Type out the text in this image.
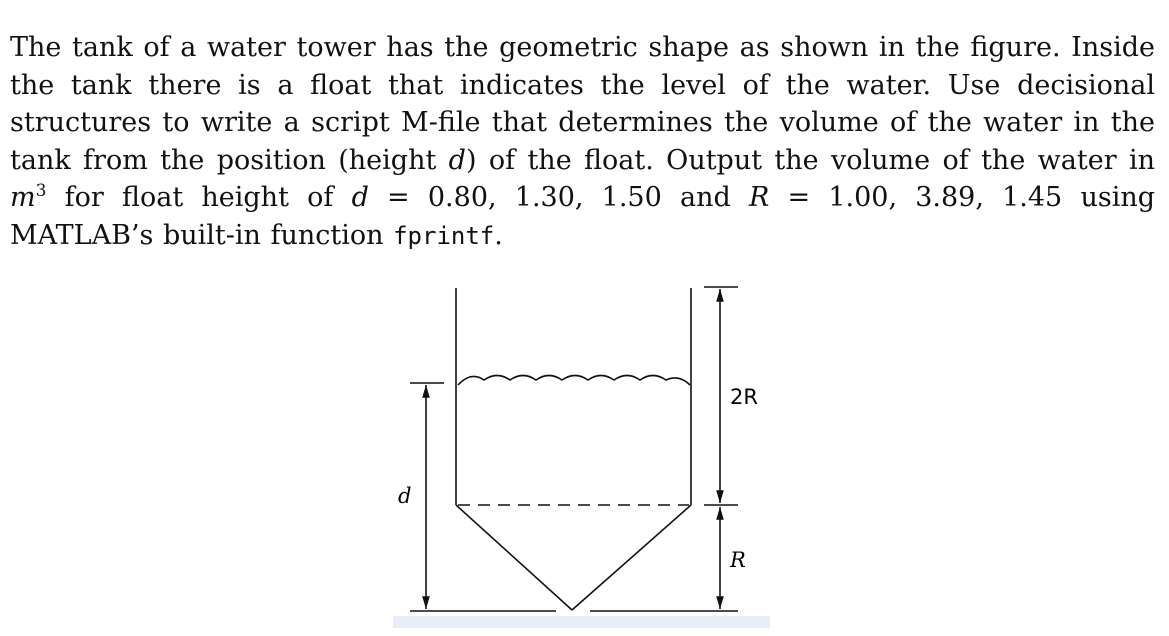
The tank of a water tower has the geometric shape as shown in the figure. Inside the tank there is a float that indicates the level of the water. Use decisional structures to write a script M-file that determines the volume of the water in the tank from the position (height d) of the float. Output the volume of the water in $m^3$ for float height of d = 0.80, 1.30, 1.50 and R = 1.00, 3.89, 1.45 using MATLAB’s built-in function fprintf.

2R
R
d
